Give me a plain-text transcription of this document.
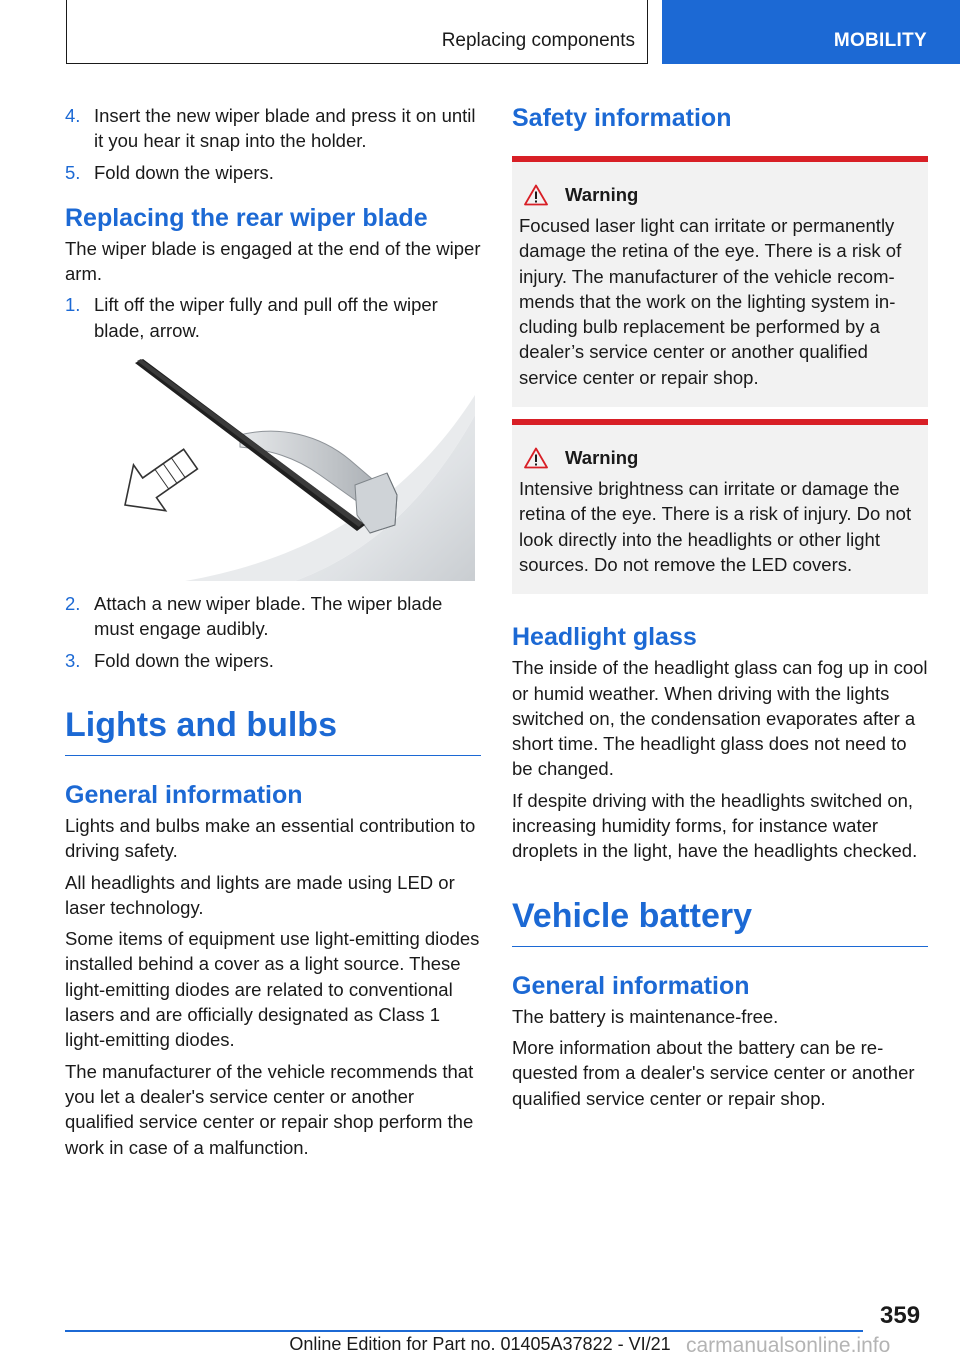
Replacing components	MOBILITY
4. Insert the new wiper blade and press it on until it you hear it snap into the holder.
5. Fold down the wipers.
Replacing the rear wiper blade
The wiper blade is engaged at the end of the wiper arm.
1. Lift off the wiper fully and pull off the wiper blade, arrow.
2. Attach a new wiper blade. The wiper blade must engage audibly.
3. Fold down the wipers.
Lights and bulbs
General information
Lights and bulbs make an essential contribution to driving safety.
All headlights and lights are made using LED or laser technology.
Some items of equipment use light-emitting diodes installed behind a cover as a light source. These light-emitting diodes are related to conventional lasers and are officially designated as Class 1 light-emitting diodes.
The manufacturer of the vehicle recommends that you let a dealer's service center or another qualified service center or repair shop perform the work in case of a malfunction.
Safety information
Warning
Focused laser light can irritate or permanently damage the retina of the eye. There is a risk of injury. The manufacturer of the vehicle recommends that the work on the lighting system including bulb replacement be performed by a dealer’s service center or another qualified service center or repair shop.
Warning
Intensive brightness can irritate or damage the retina of the eye. There is a risk of injury. Do not look directly into the headlights or other light sources. Do not remove the LED covers.
Headlight glass
The inside of the headlight glass can fog up in cool or humid weather. When driving with the lights switched on, the condensation evaporates after a short time. The headlight glass does not need to be changed.
If despite driving with the headlights switched on, increasing humidity forms, for instance water droplets in the light, have the headlights checked.
Vehicle battery
General information
The battery is maintenance-free.
More information about the battery can be requested from a dealer's service center or another qualified service center or repair shop.
359
Online Edition for Part no. 01405A37822 - VI/21 carmanualsonline.info
